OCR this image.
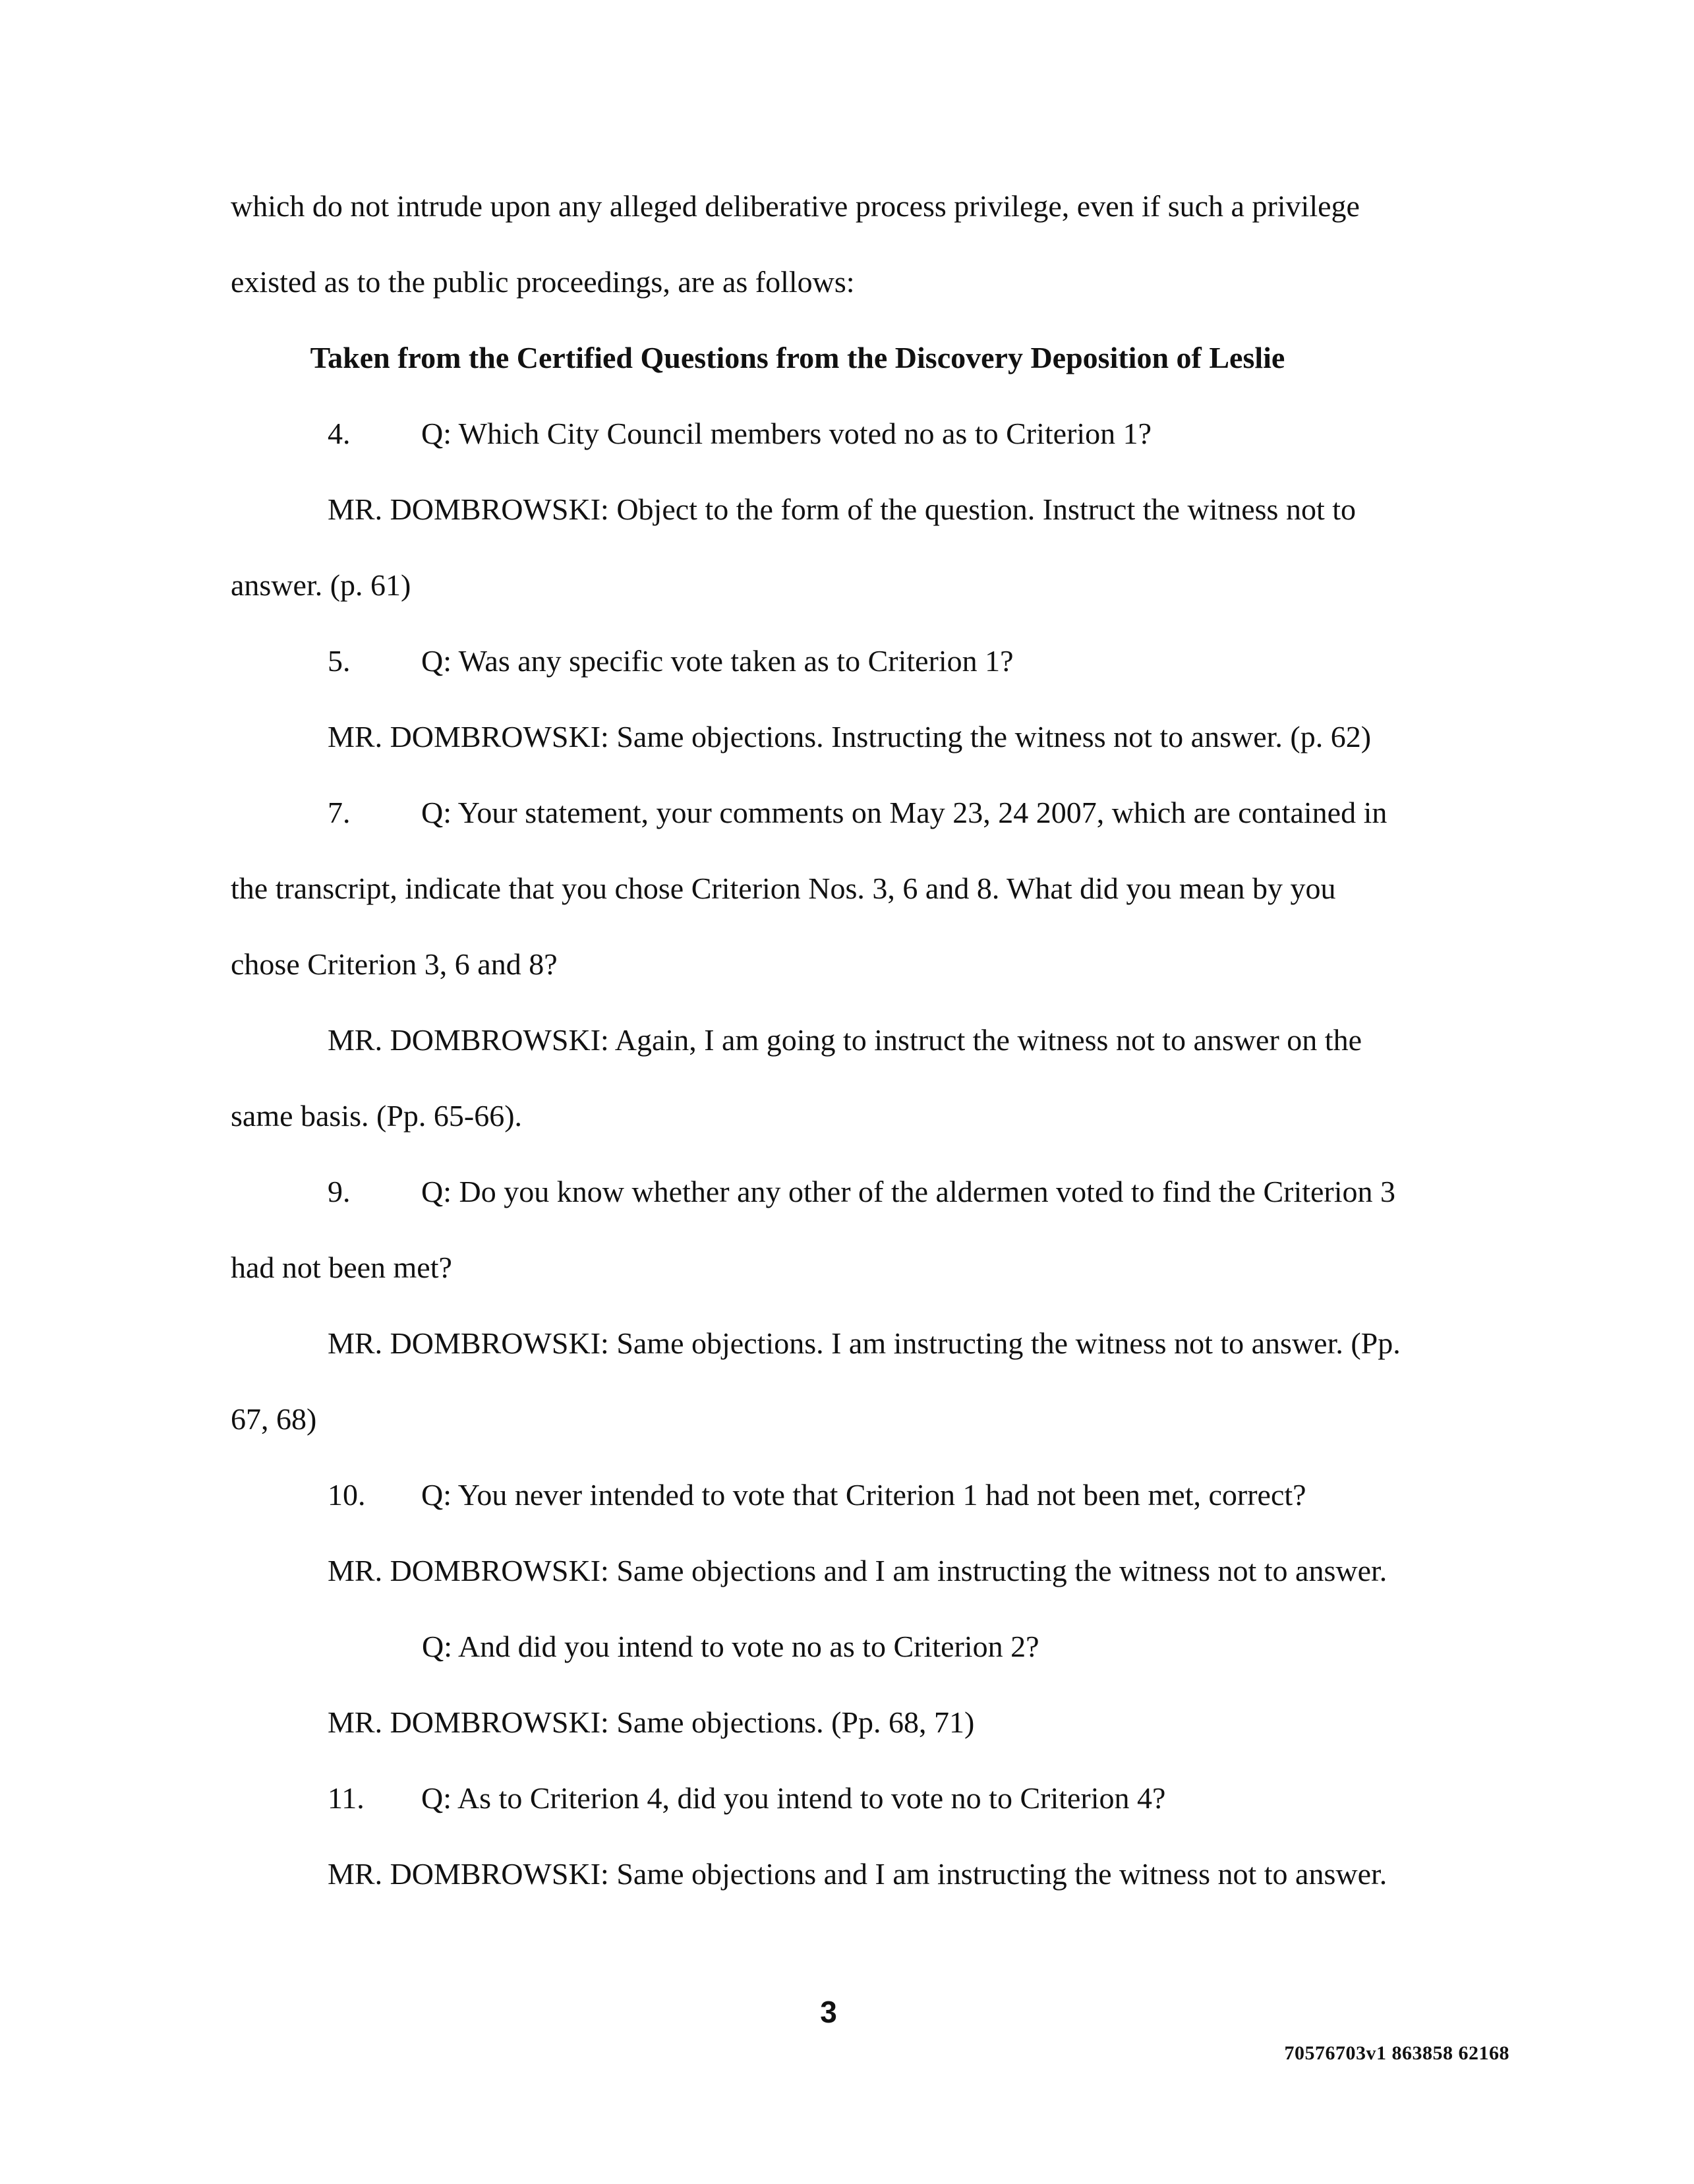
which do not intrude upon any alleged deliberative process privilege, even if such a privilege
existed as to the public proceedings, are as follows:
Taken from the Certified Questions from the Discovery Deposition of Leslie
4. Q: Which City Council members voted no as to Criterion 1?
MR. DOMBROWSKI: Object to the form of the question. Instruct the witness not to
answer. (p. 61)
5. Q: Was any specific vote taken as to Criterion 1?
MR. DOMBROWSKI: Same objections. Instructing the witness not to answer. (p. 62)
7. Q: Your statement, your comments on May 23, 24 2007, which are contained in
the transcript, indicate that you chose Criterion Nos. 3, 6 and 8. What did you mean by you
chose Criterion 3, 6 and 8?
MR. DOMBROWSKI: Again, I am going to instruct the witness not to answer on the
same basis. (Pp. 65-66).
9. Q: Do you know whether any other of the aldermen voted to find the Criterion 3
had not been met?
MR. DOMBROWSKI: Same objections. I am instructing the witness not to answer. (Pp.
67, 68)
10. Q: You never intended to vote that Criterion 1 had not been met, correct?
MR. DOMBROWSKI: Same objections and I am instructing the witness not to answer.
Q: And did you intend to vote no as to Criterion 2?
MR. DOMBROWSKI: Same objections. (Pp. 68, 71)
11. Q: As to Criterion 4, did you intend to vote no to Criterion 4?
MR. DOMBROWSKI: Same objections and I am instructing the witness not to answer.
3
70576703v1 863858 62168
